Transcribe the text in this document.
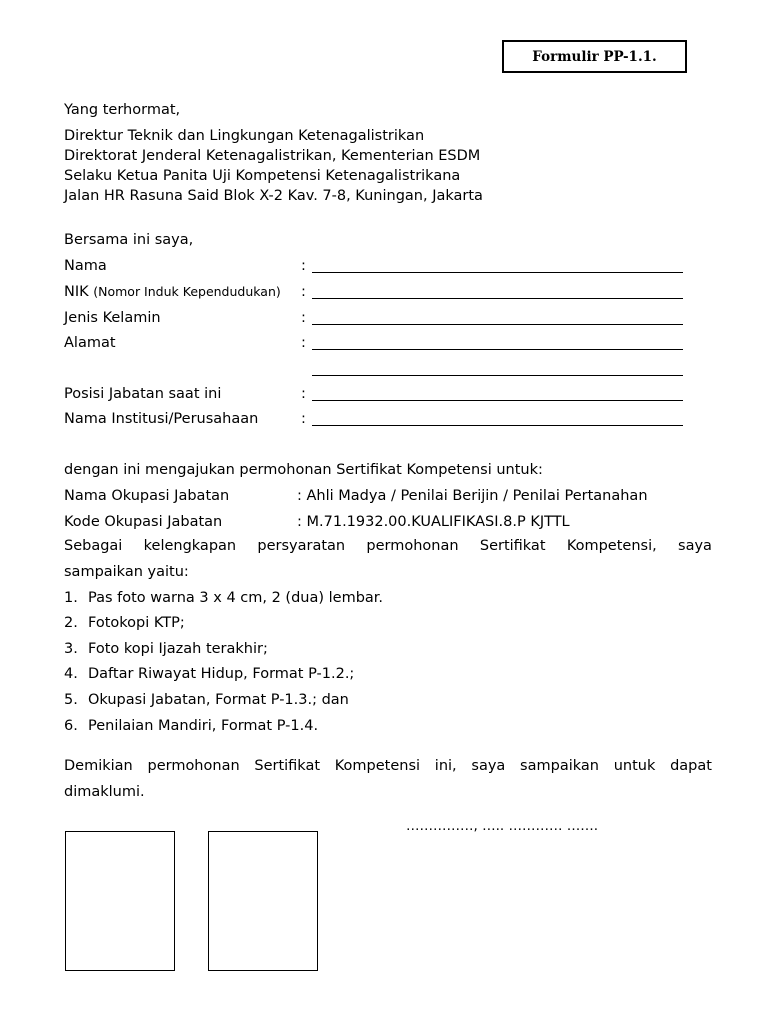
Formulir PP-1.1.
Yang terhormat,
Direktur Teknik dan Lingkungan Ketenagalistrikan
Direktorat Jenderal Ketenagalistrikan, Kementerian ESDM
Selaku Ketua Panita Uji Kompetensi Ketenagalistrikana
Jalan HR Rasuna Said Blok X-2 Kav. 7-8, Kuningan, Jakarta
Bersama ini saya,
Nama	:
NIK (Nomor Induk Kependudukan) :
Jenis Kelamin	:
Alamat	:
Posisi Jabatan saat ini	:
Nama Institusi/Perusahaan	:
dengan ini mengajukan permohonan Sertifikat Kompetensi untuk:
Nama Okupasi Jabatan	: Ahli Madya / Penilai Berijin / Penilai Pertanahan
Kode Okupasi Jabatan	: M.71.1932.00.KUALIFIKASI.8.P KJTTL
Sebagai kelengkapan persyaratan permohonan Sertifikat Kompetensi, saya
sampaikan yaitu:
1. Pas foto warna 3 x 4 cm, 2 (dua) lembar.
2. Fotokopi KTP;
3. Foto kopi Ijazah terakhir;
4. Daftar Riwayat Hidup, Format P-1.2.;
5. Okupasi Jabatan, Format P-1.3.; dan
6. Penilaian Mandiri, Format P-1.4.
Demikian permohonan Sertifikat Kompetensi ini, saya sampaikan untuk dapat
dimaklumi.
……………, ….. ………… …….
